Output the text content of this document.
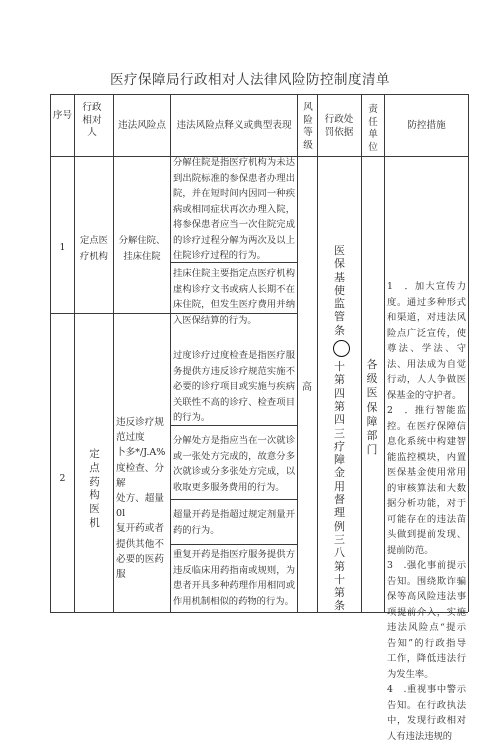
医疗保障局行政相对人法律风险防控制度清单
序号
行政相对人
违法风险点	违法风险点释义或典型表现
风险等级
行政处罚依据
责任单位
防控措施
1
定点医疗机构
分解住院、挂床住院
分解住院是指医疗机构为未达到出院标准的参保患者办理出院，并在短时间内因同一种疾病或相同症状再次办理入院，将参保患者应当一次住院完成的诊疗过程分解为两次及以上住院诊疗过程的行为。
挂床住院主要指定点医疗机构虚构诊疗文书或病人长期不在床住院，但发生医疗费用并纳入医保结算的行为。
2
定点药构医机
违反诊疗规范过度
卜多*/J.A%
度检查、分解
处方、超量
0l
复开药或者
提供其他不
必要的医药
服
过度诊疗过度检查是指医疗服务提供方违反诊疗规范实施不必要的诊疗项目或实施与疾病关联性不高的诊疗、检查项目的行为。
分解处方是指应当在一次就诊或一张处方完成的，故意分多次就诊或分多张处方完成，以收取更多服务费用的行为。
超量开药是指超过规定剂量开药的行为。
重复开药是指医疗服务提供方违反临床用药指南或规则，为患者开具多种药理作用相同或作用机制相似的药物的行为。
高
医保基使监管条
十第四第四三疗障金用督理例三八第十第条
各级医保障部门
1　．加大宣传力度。通过多种形式和渠道，对违法风险点广泛宣传，使尊法、学法、守法、用法成为自觉行动，人人争做医保基金的守护者。
2　．推行智能监控。在医疗保障信息化系统中构建智能监控模块，内置医保基金使用常用的审核算法和大数据分析功能，对于可能存在的违法苗头做到提前发现、提前防范。
3　.强化事前提示告知。围绕欺诈骗保等高风险违法事项提前介入，实施违法风险点“提示告知”的行政指导工作，降低违法行为发生率。
4　.重视事中警示告知。在行政执法中，发现行政相对人有违法违规的
